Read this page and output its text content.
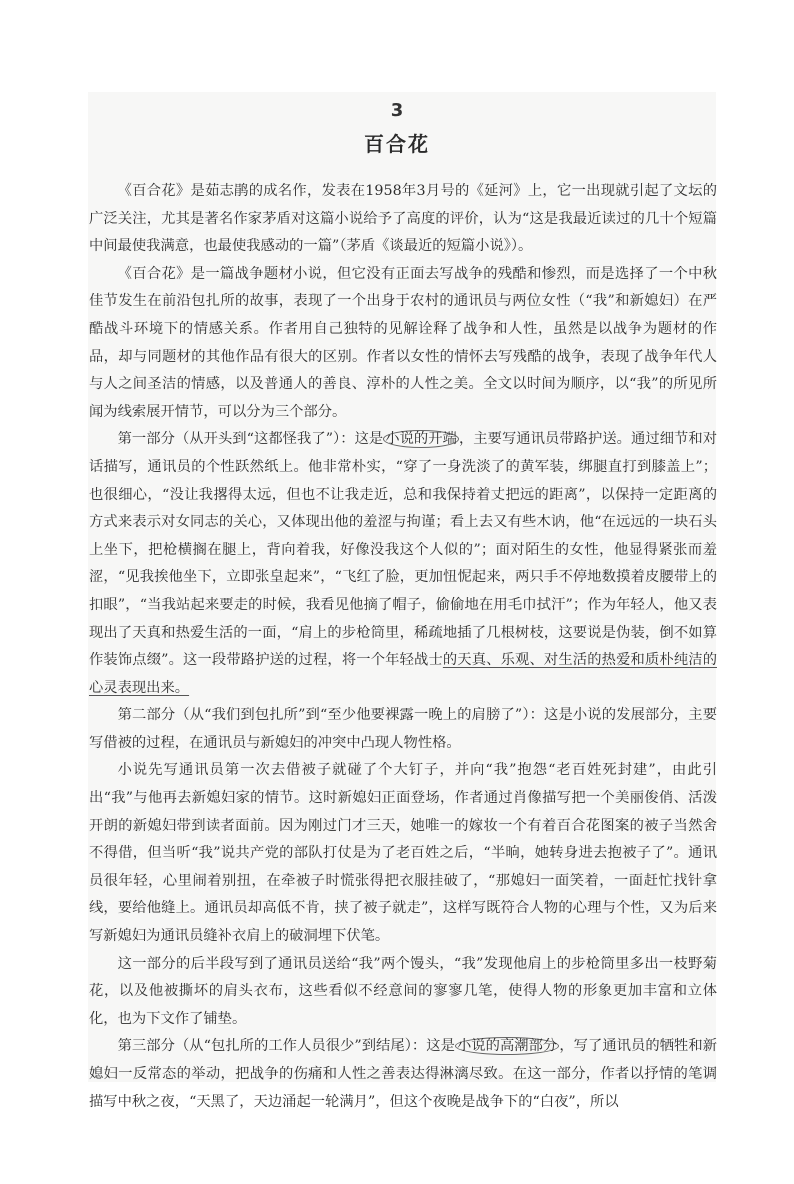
3
百合花

《百合花》是茹志鹃的成名作，发表在1958年3月号的《延河》上，它一出现就引起了文坛的广泛关注，尤其是著名作家茅盾对这篇小说给予了高度的评价，认为“这是我最近读过的几十个短篇中间最使我满意，也最使我感动的一篇”（茅盾《谈最近的短篇小说》）。

《百合花》是一篇战争题材小说，但它没有正面去写战争的残酷和惨烈，而是选择了一个中秋佳节发生在前沿包扎所的故事，表现了一个出身于农村的通讯员与两位女性（“我”和新媳妇）在严酷战斗环境下的情感关系。作者用自己独特的见解诠释了战争和人性，虽然是以战争为题材的作品，却与同题材的其他作品有很大的区别。作者以女性的情怀去写残酷的战争，表现了战争年代人与人之间圣洁的情感，以及普通人的善良、淳朴的人性之美。全文以时间为顺序，以“我”的所见所闻为线索展开情节，可以分为三个部分。

第一部分（从开头到“这都怪我了”）：这是 小说的开端 ，主要写通讯员带路护送。通过细节和对话描写，通讯员的个性跃然纸上。他非常朴实，“穿了一身洗淡了的黄军装，绑腿直打到膝盖上”；也很细心，“没让我撂得太远，但也不让我走近，总和我保持着丈把远的距离”，以保持一定距离的方式来表示对女同志的关心，又体现出他的羞涩与拘谨；看上去又有些木讷，他“在远远的一块石头上坐下，把枪横搁在腿上，背向着我，好像没我这个人似的”；面对陌生的女性，他显得紧张而羞涩，“见我挨他坐下，立即张皇起来”，“飞红了脸，更加忸怩起来，两只手不停地数摸着皮腰带上的扣眼”，“当我站起来要走的时候，我看见他摘了帽子，偷偷地在用毛巾拭汗”；作为年轻人，他又表现出了天真和热爱生活的一面，“肩上的步枪筒里，稀疏地插了几根树枝，这要说是伪装，倒不如算作装饰点缀”。这一段带路护送的过程，将一个年轻战士的天真、乐观、对生活的热爱和质朴纯洁的心灵表现出来。

第二部分（从“我们到包扎所”到“至少他要裸露一晚上的肩膀了”）：这是小说的发展部分，主要写借被的过程，在通讯员与新媳妇的冲突中凸现人物性格。

小说先写通讯员第一次去借被子就碰了个大钉子，并向“我”抱怨“老百姓死封建”，由此引出“我”与他再去新媳妇家的情节。这时新媳妇正面登场，作者通过肖像描写把一个美丽俊俏、活泼开朗的新媳妇带到读者面前。因为刚过门才三天，她唯一的嫁妆一个有着百合花图案的被子当然舍不得借，但当听“我”说共产党的部队打仗是为了老百姓之后，“半晌，她转身进去抱被子了”。通讯员很年轻，心里闹着别扭，在牵被子时慌张得把衣服挂破了，“那媳妇一面笑着，一面赶忙找针拿线，要给他缝上。通讯员却高低不肯，挟了被子就走”，这样写既符合人物的心理与个性，又为后来写新媳妇为通讯员缝补衣肩上的破洞埋下伏笔。

这一部分的后半段写到了通讯员送给“我”两个馒头，“我”发现他肩上的步枪筒里多出一枝野菊花，以及他被撕坏的肩头衣布，这些看似不经意间的寥寥几笔，使得人物的形象更加丰富和立体化，也为下文作了铺垫。

第三部分（从“包扎所的工作人员很少”到结尾）：这是 小说的高潮部分 ，写了通讯员的牺牲和新媳妇一反常态的举动，把战争的伤痛和人性之善表达得淋漓尽致。在这一部分，作者以抒情的笔调描写中秋之夜，“天黑了，天边涌起一轮满月”，但这个夜晚是战争下的“白夜”，所以
